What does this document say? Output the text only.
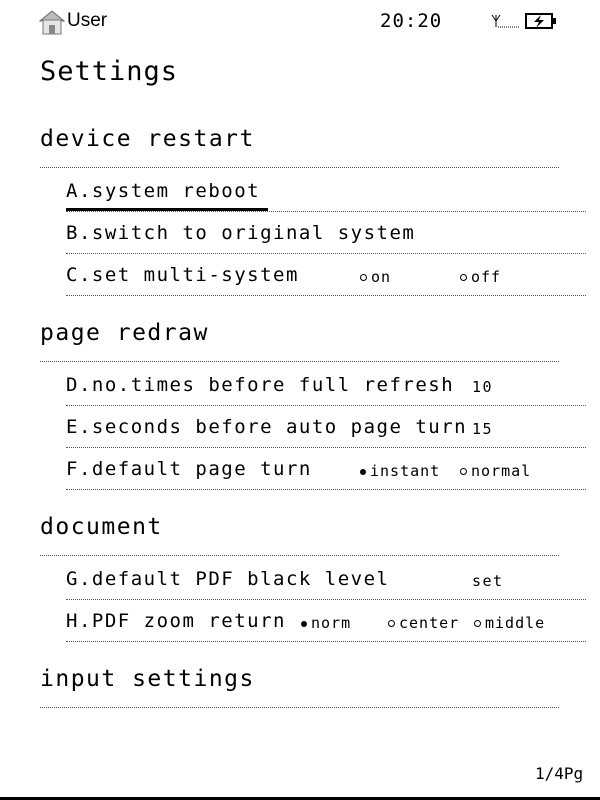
User	20:20
Settings
device restart
A.system reboot
B.switch to original system
C.set multi-system	on	off
page redraw
D.no.times before full refresh 10
E.seconds before auto page turn 15
F.default page turn	instant	normal
document
G.default PDF black level	set
H.PDF zoom return	norm	center	middle
input settings
1/4Pg
